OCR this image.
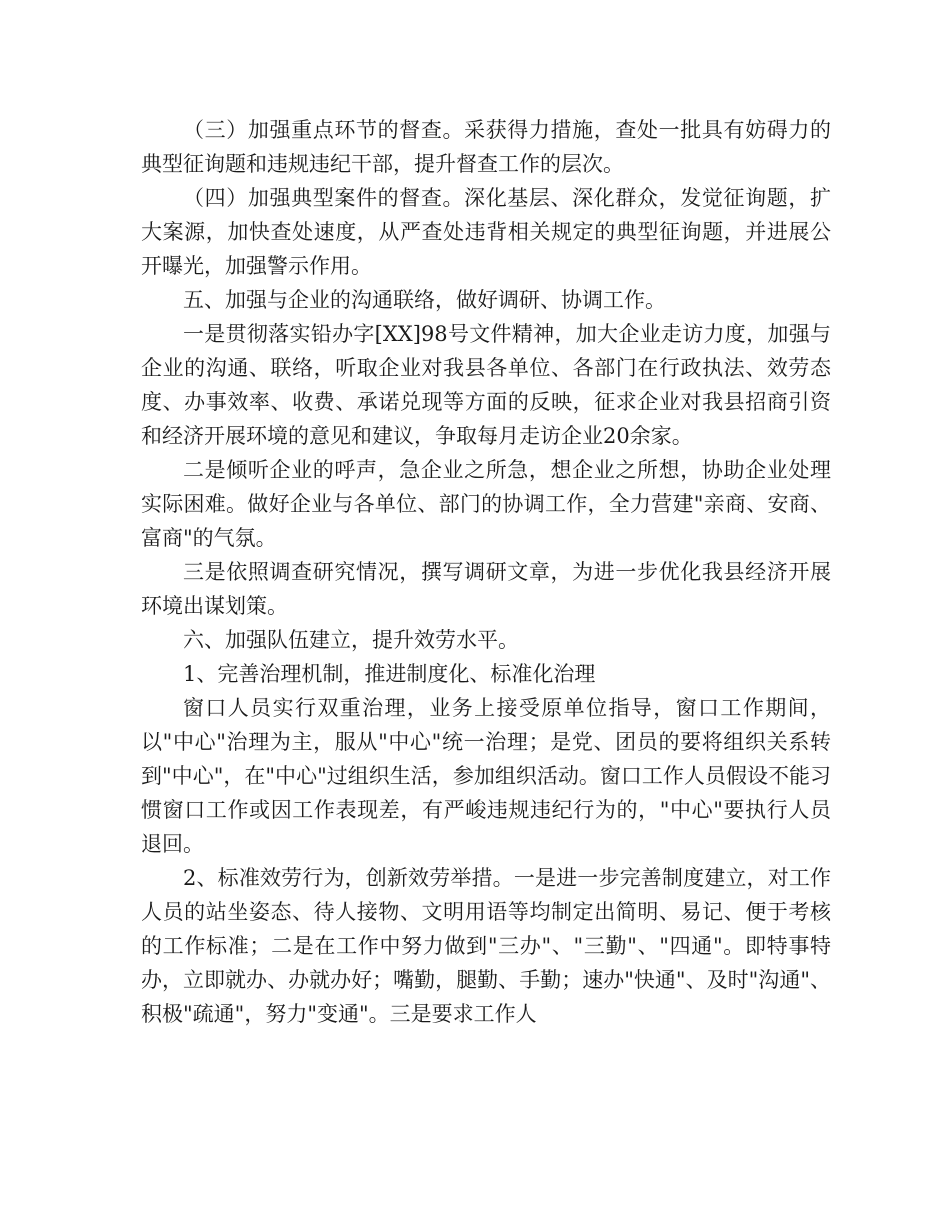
（三）加强重点环节的督查。采获得力措施，查处一批具有妨碍力的典型征询题和违规违纪干部，提升督查工作的层次。

（四）加强典型案件的督查。深化基层、深化群众，发觉征询题，扩大案源，加快查处速度，从严查处违背相关规定的典型征询题，并进展公开曝光，加强警示作用。

五、加强与企业的沟通联络，做好调研、协调工作。

一是贯彻落实铅办字[XX]98号文件精神，加大企业走访力度，加强与企业的沟通、联络，听取企业对我县各单位、各部门在行政执法、效劳态度、办事效率、收费、承诺兑现等方面的反映，征求企业对我县招商引资和经济开展环境的意见和建议，争取每月走访企业20余家。

二是倾听企业的呼声，急企业之所急，想企业之所想，协助企业处理实际困难。做好企业与各单位、部门的协调工作，全力营建"亲商、安商、富商"的气氛。

三是依照调查研究情况，撰写调研文章，为进一步优化我县经济开展环境出谋划策。

六、加强队伍建立，提升效劳水平。

1、完善治理机制，推进制度化、标准化治理

窗口人员实行双重治理，业务上接受原单位指导，窗口工作期间，以"中心"治理为主，服从"中心"统一治理；是党、团员的要将组织关系转到"中心"，在"中心"过组织生活，参加组织活动。窗口工作人员假设不能习惯窗口工作或因工作表现差，有严峻违规违纪行为的，"中心"要执行人员退回。

2、标准效劳行为，创新效劳举措。一是进一步完善制度建立，对工作人员的站坐姿态、待人接物、文明用语等均制定出简明、易记、便于考核的工作标准；二是在工作中努力做到"三办"、"三勤"、"四通"。即特事特办，立即就办、办就办好；嘴勤，腿勤、手勤；速办"快通"、及时"沟通"、积极"疏通"，努力"变通"。三是要求工作人
